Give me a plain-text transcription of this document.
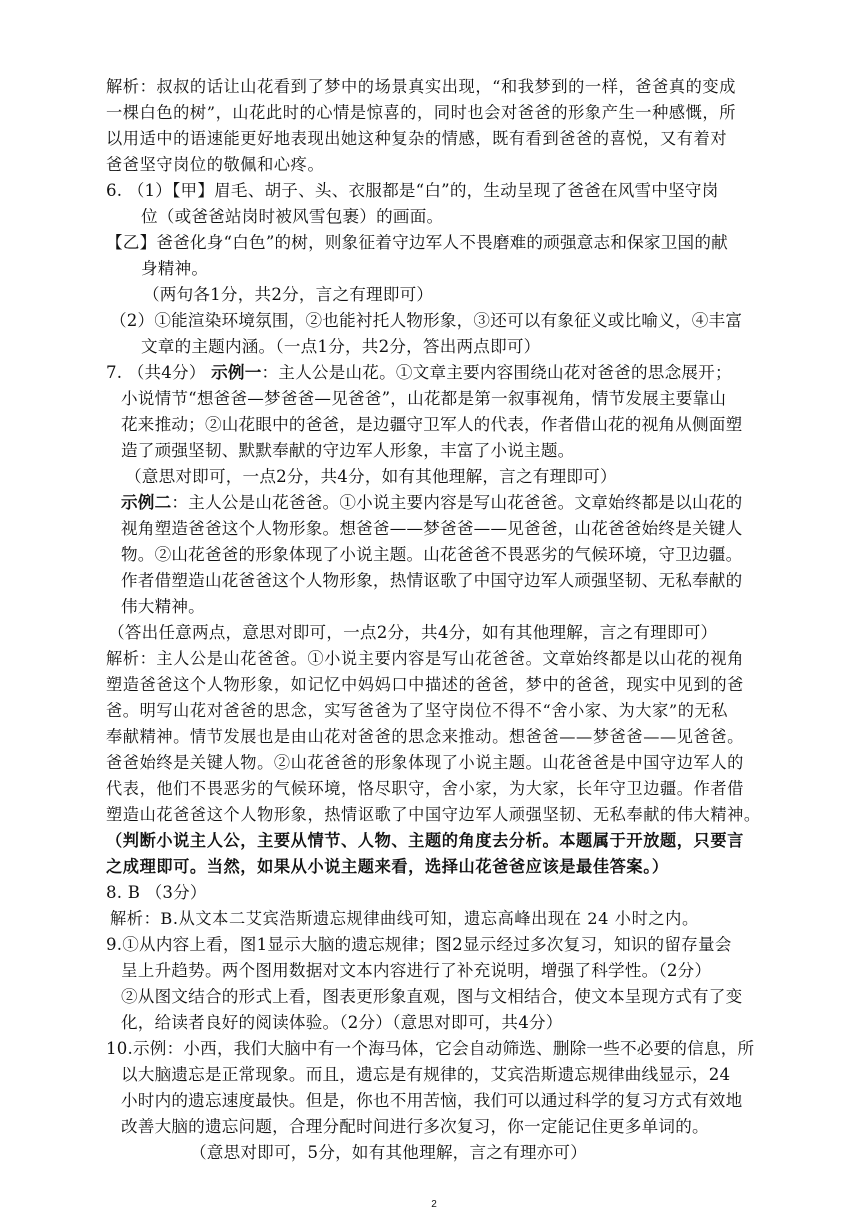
解析：叔叔的话让山花看到了梦中的场景真实出现，“和我梦到的一样，爸爸真的变成
一棵白色的树”，山花此时的心情是惊喜的，同时也会对爸爸的形象产生一种感慨，所
以用适中的语速能更好地表现出她这种复杂的情感，既有看到爸爸的喜悦，又有着对
爸爸坚守岗位的敬佩和心疼。
6. （1）【甲】眉毛、胡子、头、衣服都是“白”的，生动呈现了爸爸在风雪中坚守岗
位（或爸爸站岗时被风雪包裹）的画面。
【乙】爸爸化身“白色”的树，则象征着守边军人不畏磨难的顽强意志和保家卫国的献
身精神。
（两句各1分，共2分，言之有理即可）
（2）①能渲染环境氛围，②也能衬托人物形象，③还可以有象征义或比喻义，④丰富
文章的主题内涵。（一点1分，共2分，答出两点即可）
7. （共4分） 示例一：主人公是山花。①文章主要内容围绕山花对爸爸的思念展开；
小说情节“想爸爸—梦爸爸—见爸爸”，山花都是第一叙事视角，情节发展主要靠山
花来推动；②山花眼中的爸爸，是边疆守卫军人的代表，作者借山花的视角从侧面塑
造了顽强坚韧、默默奉献的守边军人形象，丰富了小说主题。
（意思对即可，一点2分，共4分，如有其他理解，言之有理即可）
示例二：主人公是山花爸爸。①小说主要内容是写山花爸爸。文章始终都是以山花的
视角塑造爸爸这个人物形象。想爸爸——梦爸爸——见爸爸，山花爸爸始终是关键人
物。②山花爸爸的形象体现了小说主题。山花爸爸不畏恶劣的气候环境，守卫边疆。
作者借塑造山花爸爸这个人物形象，热情讴歌了中国守边军人顽强坚韧、无私奉献的
伟大精神。
（答出任意两点，意思对即可，一点2分，共4分，如有其他理解，言之有理即可）
解析：主人公是山花爸爸。①小说主要内容是写山花爸爸。文章始终都是以山花的视角
塑造爸爸这个人物形象，如记忆中妈妈口中描述的爸爸，梦中的爸爸，现实中见到的爸
爸。明写山花对爸爸的思念，实写爸爸为了坚守岗位不得不“舍小家、为大家”的无私
奉献精神。情节发展也是由山花对爸爸的思念来推动。想爸爸——梦爸爸——见爸爸。
爸爸始终是关键人物。②山花爸爸的形象体现了小说主题。山花爸爸是中国守边军人的
代表，他们不畏恶劣的气候环境，恪尽职守，舍小家，为大家，长年守卫边疆。作者借
塑造山花爸爸这个人物形象，热情讴歌了中国守边军人顽强坚韧、无私奉献的伟大精神。
（判断小说主人公，主要从情节、人物、主题的角度去分析。本题属于开放题，只要言
之成理即可。当然，如果从小说主题来看，选择山花爸爸应该是最佳答案。）
8. B （3分）
解析：B.从文本二艾宾浩斯遗忘规律曲线可知，遗忘高峰出现在 24 小时之内。
9.①从内容上看，图1显示大脑的遗忘规律；图2显示经过多次复习，知识的留存量会
呈上升趋势。两个图用数据对文本内容进行了补充说明，增强了科学性。（2分）
②从图文结合的形式上看，图表更形象直观，图与文相结合，使文本呈现方式有了变
化，给读者良好的阅读体验。（2分）（意思对即可，共4分）
10.示例：小西，我们大脑中有一个海马体，它会自动筛选、删除一些不必要的信息，所
以大脑遗忘是正常现象。而且，遗忘是有规律的，艾宾浩斯遗忘规律曲线显示，24
小时内的遗忘速度最快。但是，你也不用苦恼，我们可以通过科学的复习方式有效地
改善大脑的遗忘问题，合理分配时间进行多次复习，你一定能记住更多单词的。
（意思对即可，5分，如有其他理解，言之有理亦可）
2
